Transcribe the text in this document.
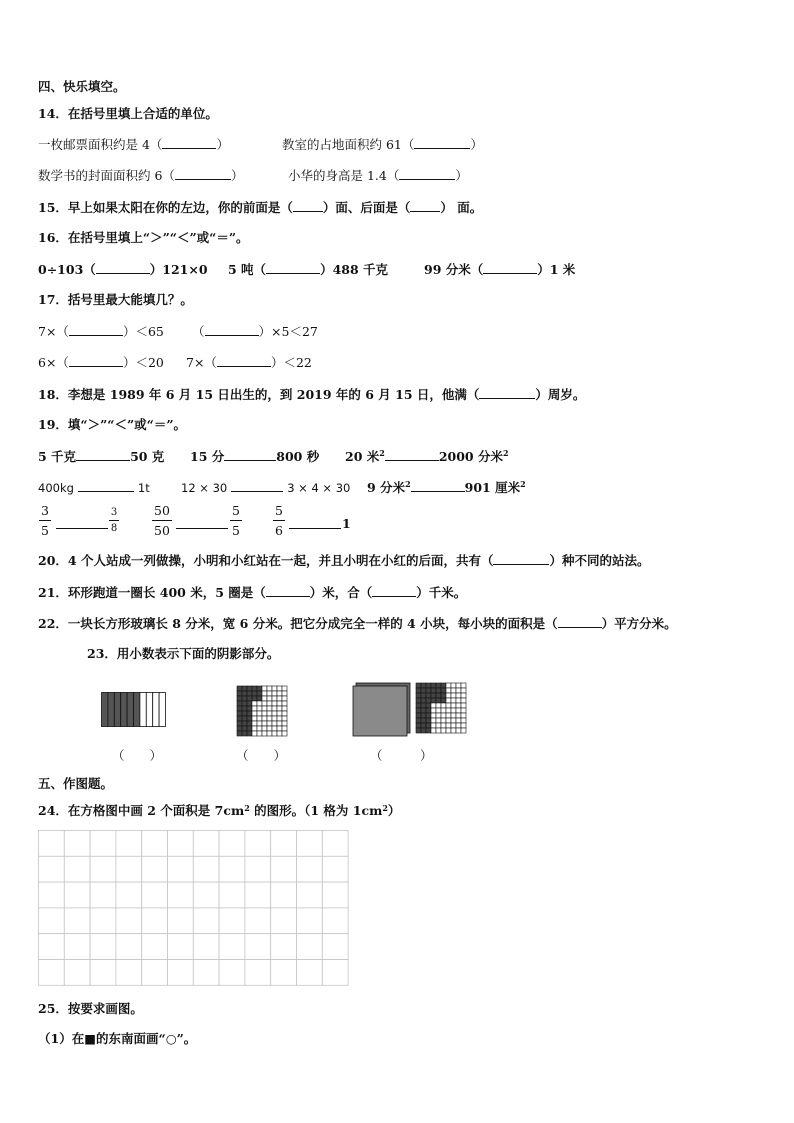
四、快乐填空。
14．在括号里填上合适的单位。
一枚邮票面积约是 4（	）	教室的占地面积约 61（	）
数学书的封面面积约 6（	）	小华的身高是 1.4（	）
15．早上如果太阳在你的左边，你的前面是（ ）面、后面是（ ） 面。
16．在括号里填上“＞”“＜”或“＝”。
0÷103（	）121×0 5 吨（	）488 千克	99 分米（	）1 米
17．括号里最大能填几？。
7×（	）＜65 （	）×5＜27
6×（	）＜20 7×（	）＜22
18．李想是 1989 年 6 月 15 日出生的，到 2019 年的 6 月 15 日，他满（	）周岁。
19．填“＞”“＜”或“＝”。
5 千克	50 克 15 分	800 秒 20 米$^2$	2000 分米$^2$
400kg	1t	12 × 30	3 × 4 × 30 9 分米$^2$	901 厘米$^2$
3
5
3
8
50
50
5
5
5
6	1
20．4 个人站成一列做操，小明和小红站在一起，并且小明在小红的后面，共有（	）种不同的站法。
21．环形跑道一圈长 400 米，5 圈是（	）米，合（	）千米。
22．一块长方形玻璃长 8 分米，宽 6 分米。把它分成完全一样的 4 小块，每小块的面积是（	）平方分米。
23．用小数表示下面的阴影部分。
（　　）	（　　）	（　　　）
五、作图题。
24．在方格图中画 2 个面积是 $7cm^2$ 的图形。（1 格为 $1cm^2$）
25．按要求画图。
（1）在■的东南面画“○”。
